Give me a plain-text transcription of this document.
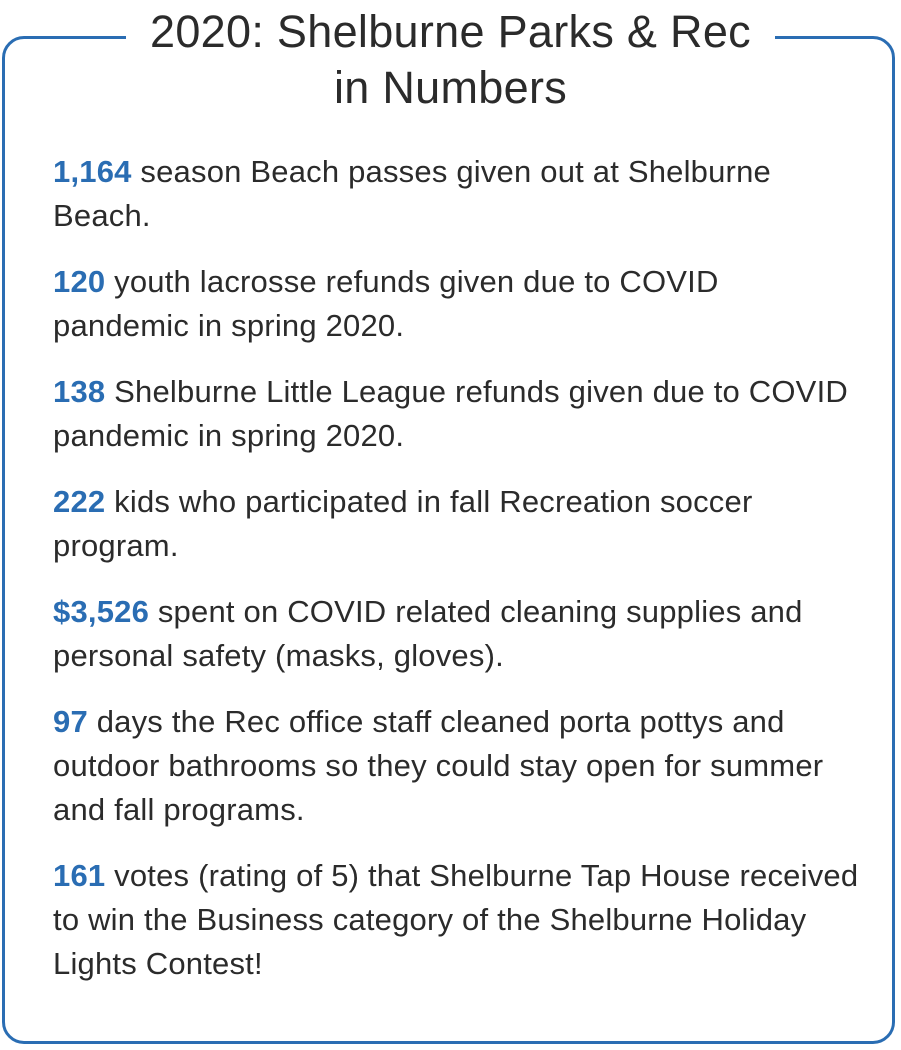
2020: Shelburne Parks & Rec
in Numbers
1,164 season Beach passes given out at Shelburne Beach.
120 youth lacrosse refunds given due to COVID pandemic in spring 2020.
138 Shelburne Little League refunds given due to COVID pandemic in spring 2020.
222 kids who participated in fall Recreation soccer program.
$3,526 spent on COVID related cleaning supplies and personal safety (masks, gloves).
97 days the Rec office staff cleaned porta pottys and outdoor bathrooms so they could stay open for summer and fall programs.
161 votes (rating of 5) that Shelburne Tap House received to win the Business category of the Shelburne Holiday Lights Contest!
